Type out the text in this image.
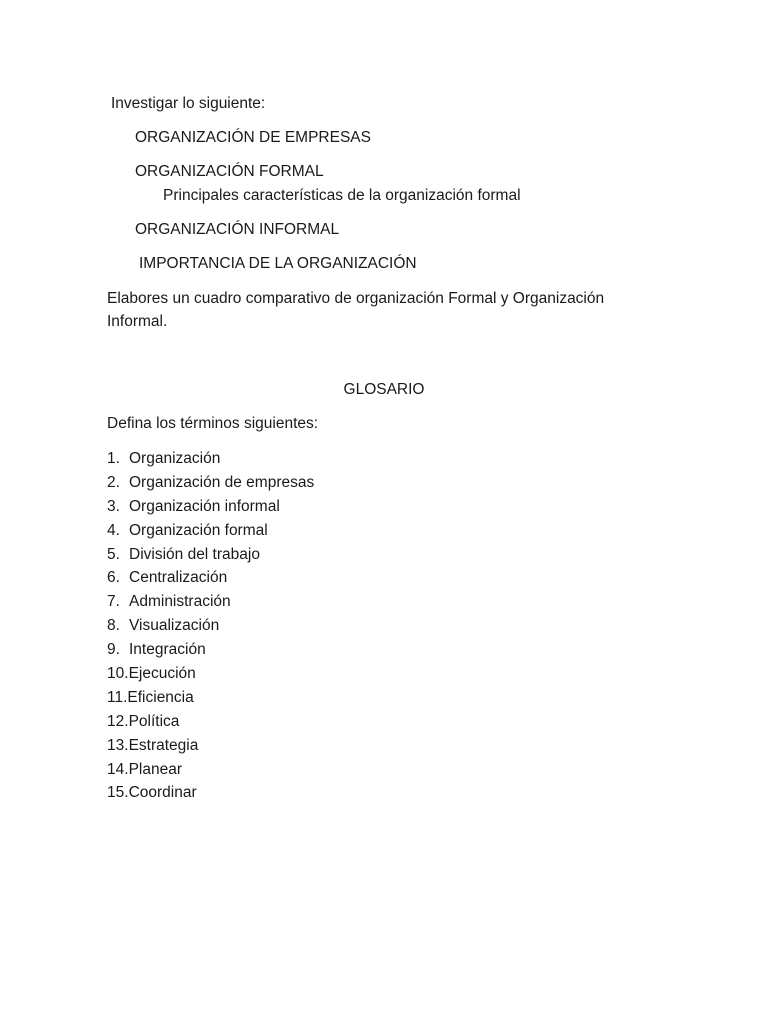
Investigar lo siguiente:
ORGANIZACIÓN DE EMPRESAS
ORGANIZACIÓN FORMAL
Principales características de la organización formal
ORGANIZACIÓN INFORMAL
IMPORTANCIA DE LA ORGANIZACIÓN
Elabores un cuadro comparativo de organización Formal y Organización Informal.
GLOSARIO
Defina los términos siguientes:
1. Organización
2. Organización de empresas
3. Organización informal
4. Organización formal
5. División del trabajo
6. Centralización
7. Administración
8. Visualización
9. Integración
10.Ejecución
11.Eficiencia
12.Política
13.Estrategia
14.Planear
15.Coordinar
